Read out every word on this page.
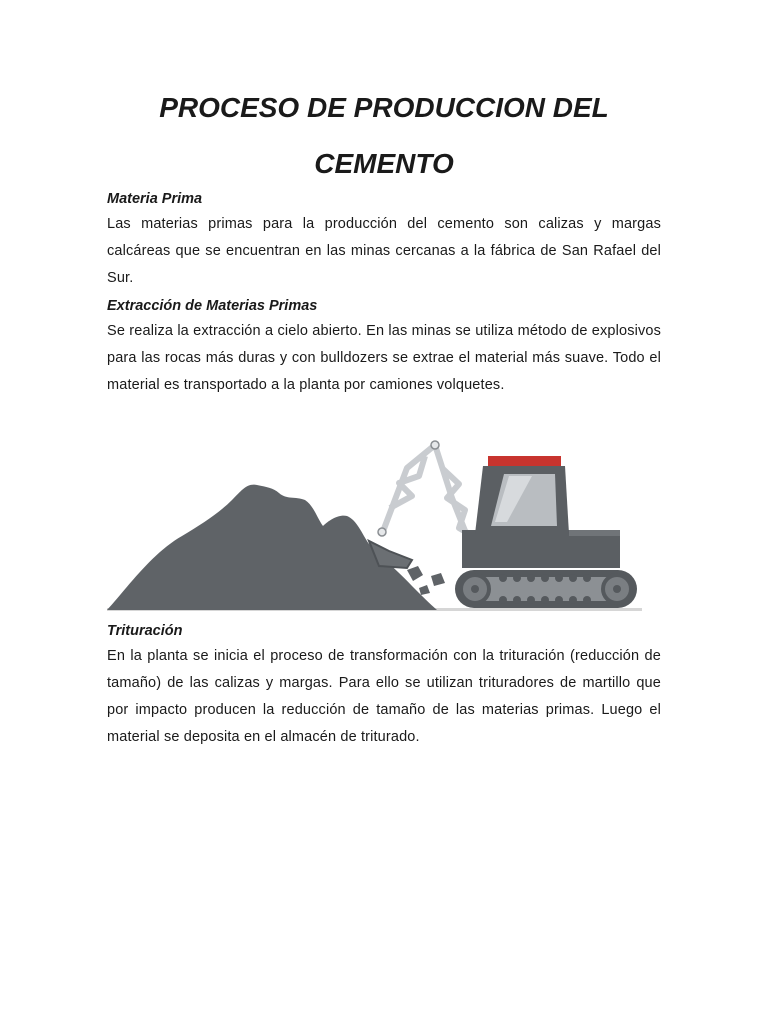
PROCESO DE PRODUCCION DEL CEMENTO
Materia Prima

Las materias primas para la producción del cemento son calizas y margas calcáreas que se encuentran en las minas cercanas a la fábrica de San Rafael del Sur.

Extracción de Materias Primas

Se realiza la extracción a cielo abierto. En las minas se utiliza método de explosivos para las rocas más duras y con bulldozers se extrae el material más suave. Todo el material es transportado a la planta por camiones volquetes.

Trituración

En la planta se inicia el proceso de transformación con la trituración (reducción de tamaño) de las calizas y margas. Para ello se utilizan trituradores de martillo que por impacto producen la reducción de tamaño de las materias primas. Luego el material se deposita en el almacén de triturado.
